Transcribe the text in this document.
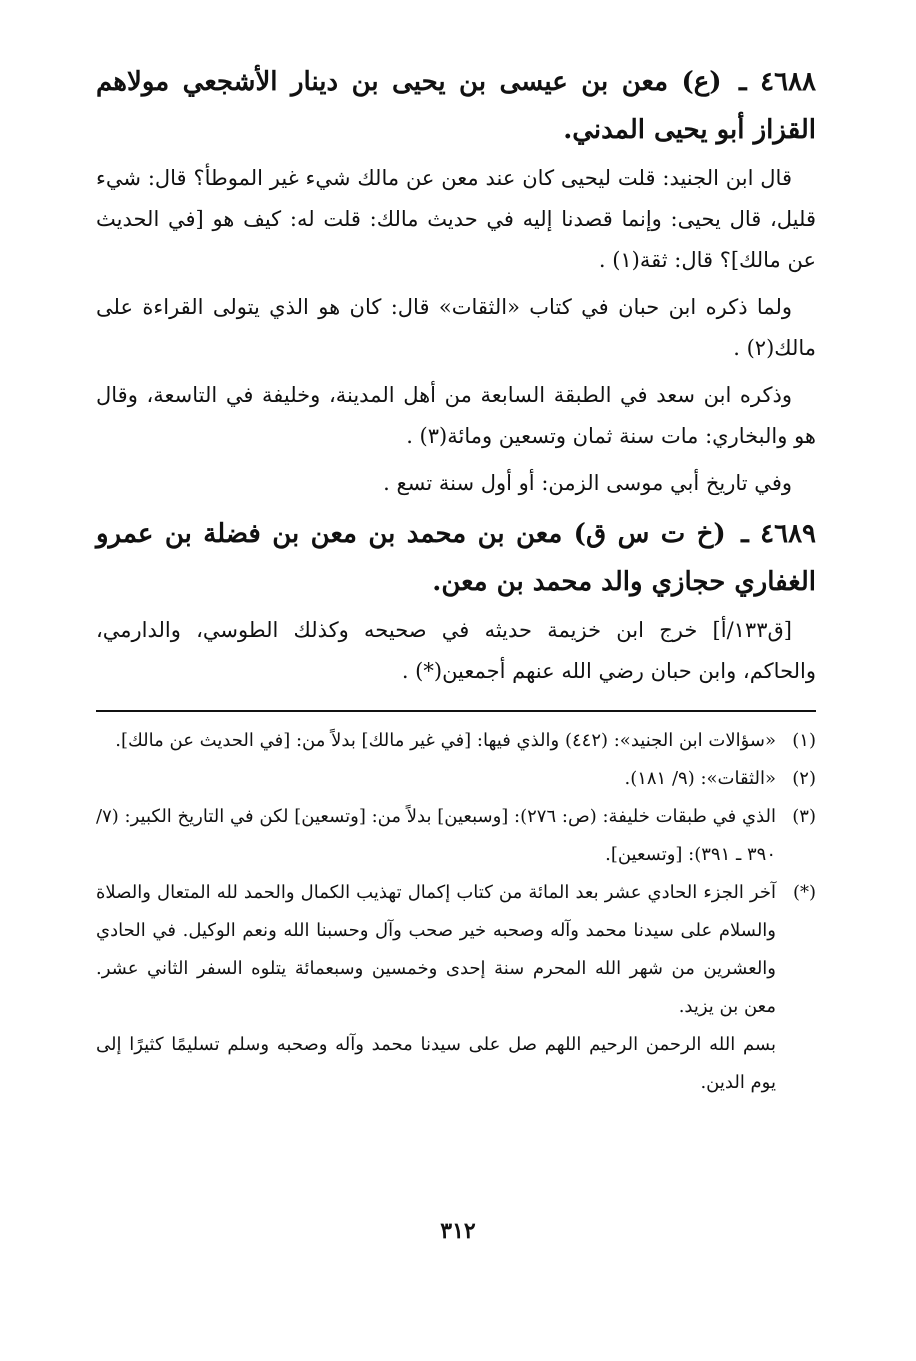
٤٦٨٨ ـ (ع) معن بن عيسى بن يحيى بن دينار الأشجعي مولاهم القزاز أبو يحيى المدني.

قال ابن الجنيد: قلت ليحيى كان عند معن عن مالك شيء غير الموطأ؟ قال: شيء قليل، قال يحيى: وإنما قصدنا إليه في حديث مالك: قلت له: كيف هو [في الحديث عن مالك]؟ قال: ثقة(١) .

ولما ذكره ابن حبان في كتاب «الثقات» قال: كان هو الذي يتولى القراءة على مالك(٢) .

وذكره ابن سعد في الطبقة السابعة من أهل المدينة، وخليفة في التاسعة، وقال هو والبخاري: مات سنة ثمان وتسعين ومائة(٣) .

وفي تاريخ أبي موسى الزمن: أو أول سنة تسع .

٤٦٨٩ ـ (خ ت س ق) معن بن محمد بن معن بن فضلة بن عمرو الغفاري حجازي والد محمد بن معن.

[ق١٣٣/أ] خرج ابن خزيمة حديثه في صحيحه وكذلك الطوسي، والدارمي، والحاكم، وابن حبان رضي الله عنهم أجمعين(*) .

(١)
«سؤالات ابن الجنيد»: (٤٤٢) والذي فيها: [في غير مالك] بدلاً من: [في الحديث عن مالك].
(٢)
«الثقات»: (٩/ ١٨١).
(٣)
الذي في طبقات خليفة: (ص: ٢٧٦): [وسبعين] بدلاً من: [وتسعين] لكن في التاريخ الكبير: (٧/ ٣٩٠ ـ ٣٩١): [وتسعين].
(*)
آخر الجزء الحادي عشر بعد المائة من كتاب إكمال تهذيب الكمال والحمد لله المتعال والصلاة والسلام على سيدنا محمد وآله وصحبه خير صحب وآل وحسبنا الله ونعم الوكيل. في الحادي والعشرين من شهر الله المحرم سنة إحدى وخمسين وسبعمائة يتلوه السفر الثاني عشر. معن بن يزيد.

بسم الله الرحمن الرحيم اللهم صل على سيدنا محمد وآله وصحبه وسلم تسليمًا كثيرًا إلى يوم الدين.

٣١٢
